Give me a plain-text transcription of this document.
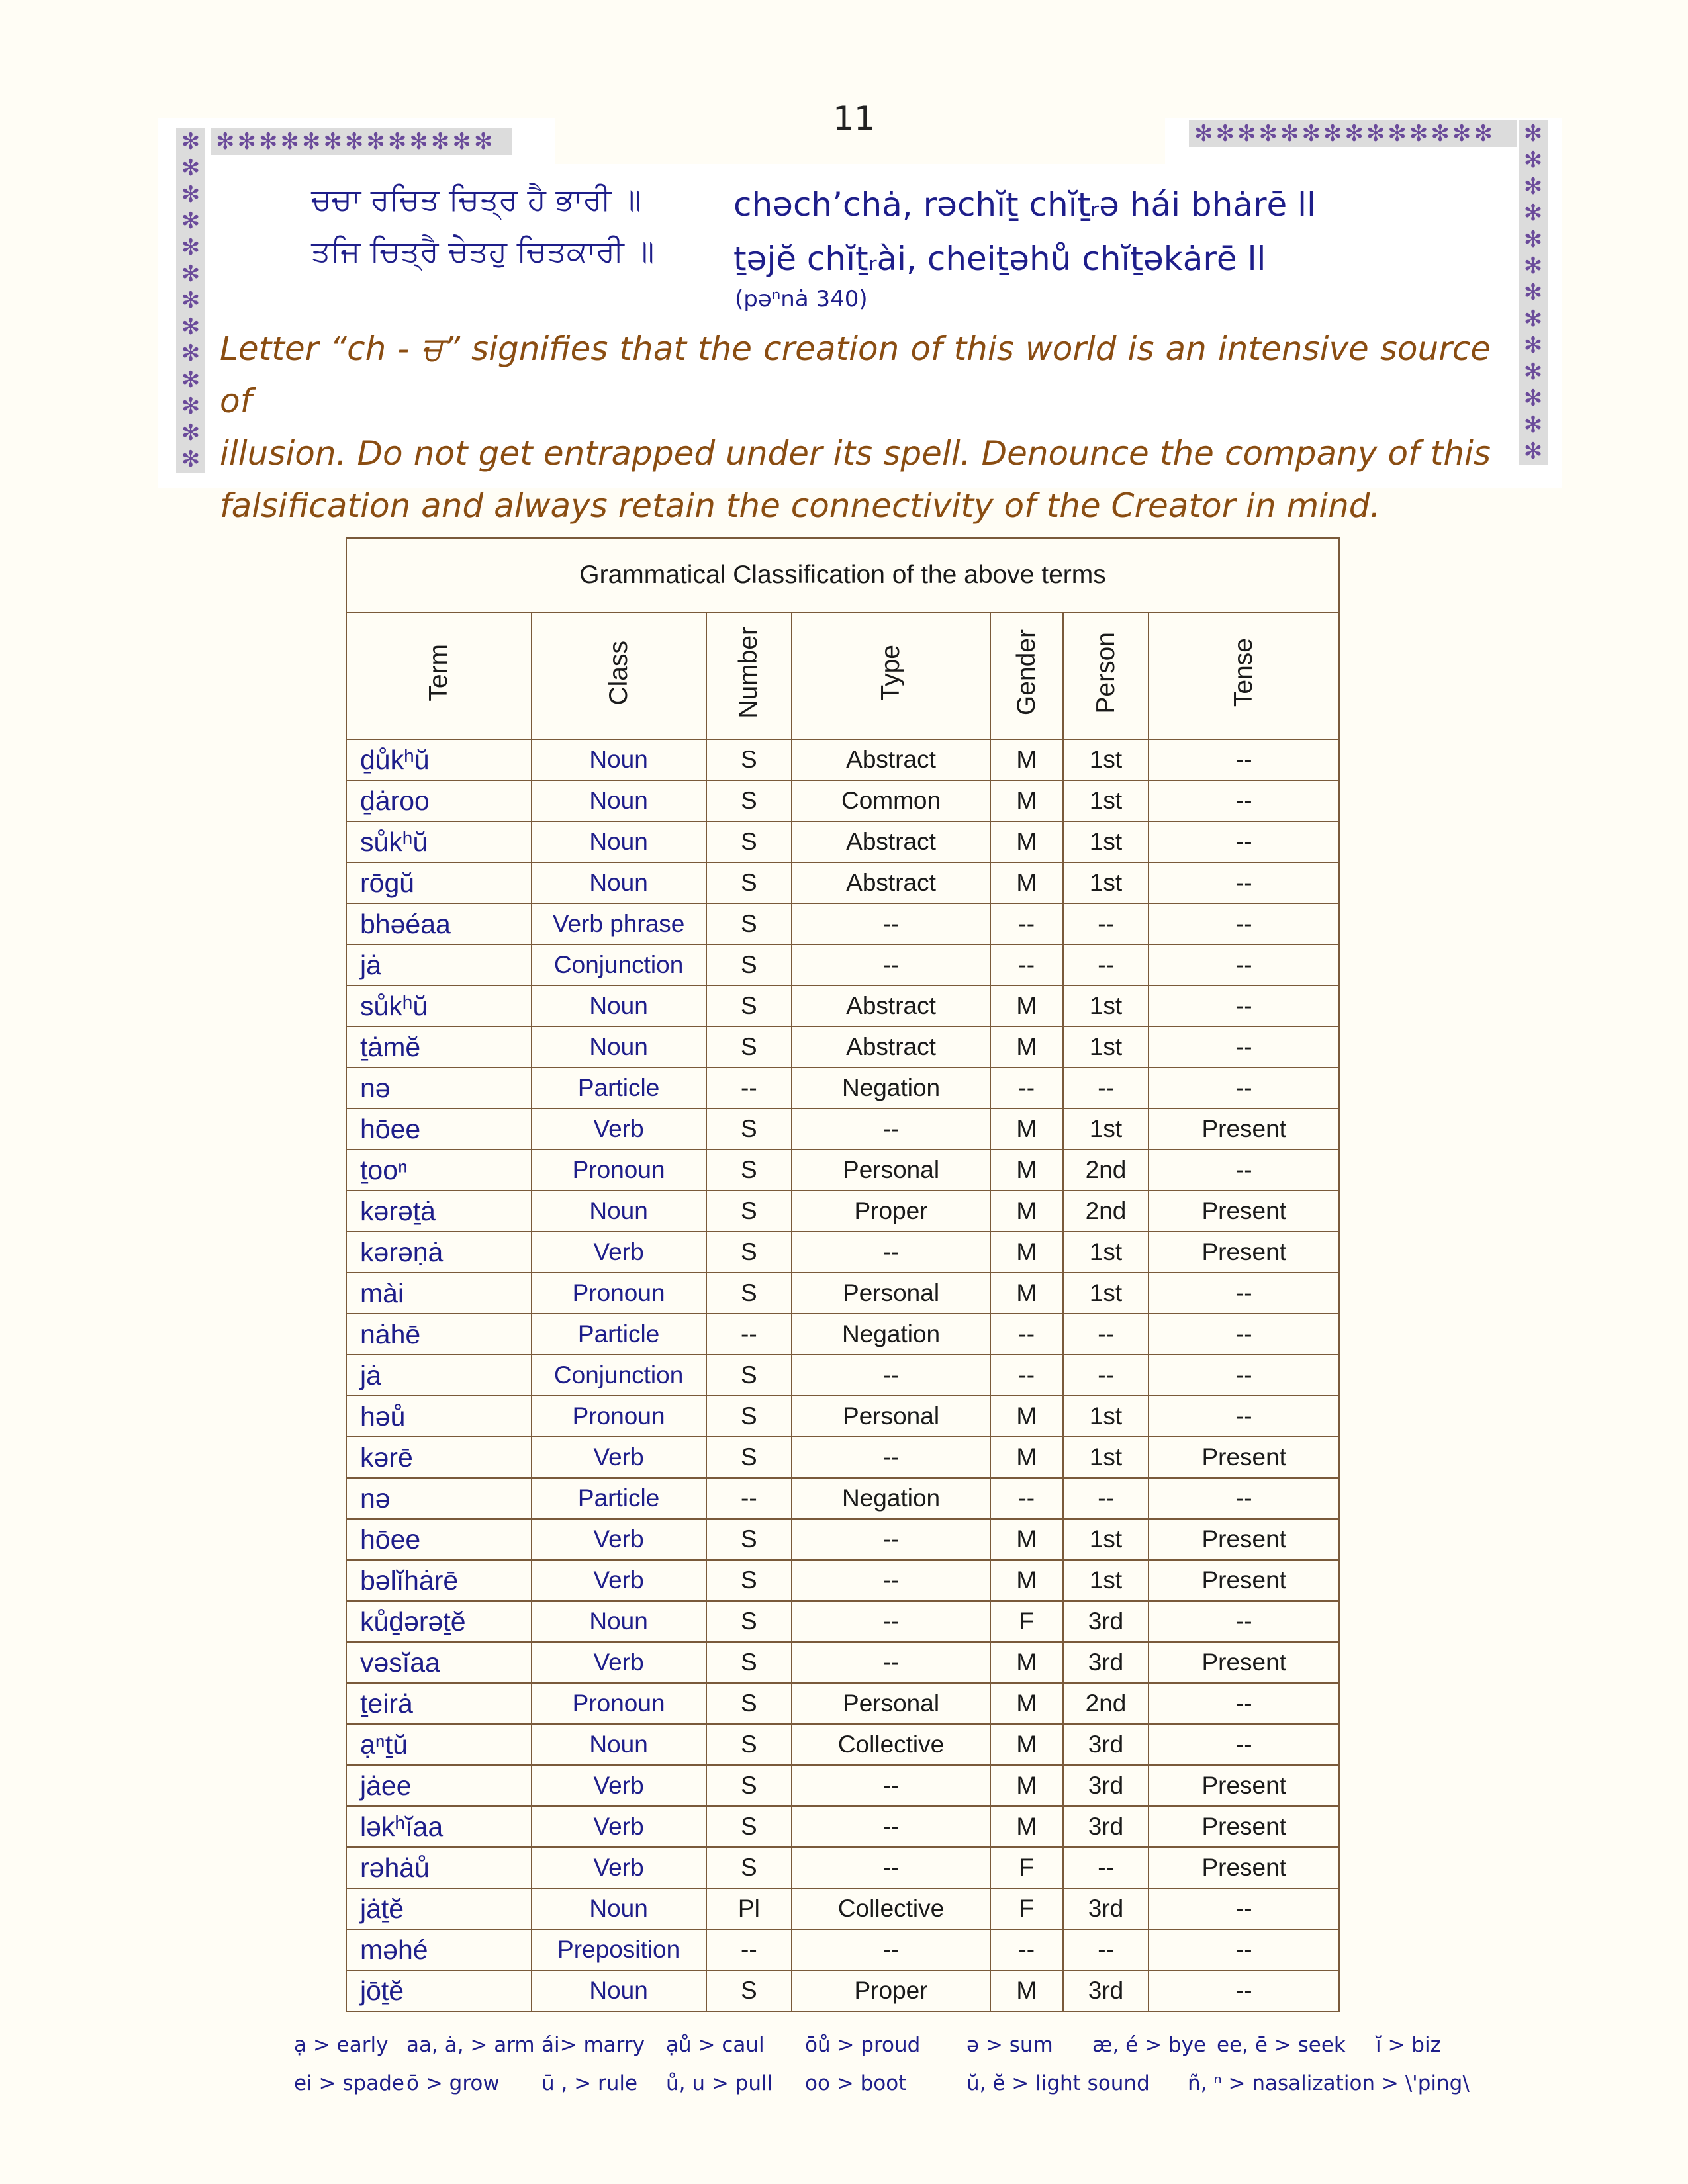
✻✻✻✻✻✻✻✻✻✻✻✻✻	✻✻✻✻✻✻✻✻✻✻✻✻✻✻
✻
✻
✻
✻
✻
✻
✻
✻
✻
✻
✻
✻
✻
✻
✻
✻
✻
✻
✻
✻
✻
✻
✻
✻
✻
✻
11
ਚਚਾ ਰਚਿਤ ਚਿਤ੍ਰ ਹੈ ਭਾਰੀ ॥
ਤਜਿ ਚਿਤ੍ਰੈ ਚੇਤਹੁ ਚਿਤਕਾਰੀ ॥
chəch’chȧ, rəchĭṯ chĭṯᵣə hái bhȧrē ll
ṯəjĕ chĭṯᵣài, cheiṯəhů chĭṯəkȧrē ll
(pəⁿnȧ 340)
Letter “ch - ਚ” signifies that the creation of this world is an intensive source of
illusion. Do not get entrapped under its spell. Denounce the company of this
falsification and always retain the connectivity of the Creator in mind.
Grammatical Classification of the above terms						
Term	Class	Number	Type	Gender	Person	Tense
ḏůkʰŭ	Noun	S	Abstract	M	1st	--
ḏȧroo	Noun	S	Common	M	1st	--
sůkʰŭ	Noun	S	Abstract	M	1st	--
rōgŭ	Noun	S	Abstract	M	1st	--
bhəéaa	Verb phrase	S	--	--	--	--
jȧ	Conjunction	S	--	--	--	--
sůkʰŭ	Noun	S	Abstract	M	1st	--
ṯȧmĕ	Noun	S	Abstract	M	1st	--
nə	Particle	--	Negation	--	--	--
hōee	Verb	S	--	M	1st	Present
ṯooⁿ	Pronoun	S	Personal	M	2nd	--
kərəṯȧ	Noun	S	Proper	M	2nd	Present
kərəṇȧ	Verb	S	--	M	1st	Present
mài	Pronoun	S	Personal	M	1st	--
nȧhē	Particle	--	Negation	--	--	--
jȧ	Conjunction	S	--	--	--	--
həů	Pronoun	S	Personal	M	1st	--
kərē	Verb	S	--	M	1st	Present
nə	Particle	--	Negation	--	--	--
hōee	Verb	S	--	M	1st	Present
bəlĭhȧrē	Verb	S	--	M	1st	Present
kůḏərəṯĕ	Noun	S	--	F	3rd	--
vəsĭaa	Verb	S	--	M	3rd	Present
ṯeirȧ	Pronoun	S	Personal	M	2nd	--
ạⁿṯŭ	Noun	S	Collective	M	3rd	--
jȧee	Verb	S	--	M	3rd	Present
ləkʰĭaa	Verb	S	--	M	3rd	Present
rəhȧů	Verb	S	--	F	--	Present
jȧṯĕ	Noun	Pl	Collective	F	3rd	--
məhé	Preposition	--	--	--	--	--
jōṯĕ	Noun	S	Proper	M	3rd	--
ạ > early aa, ȧ, > arm ái> marry ạů > caul ōů > proud ə > sum æ, é > bye ee, ē > seek ĭ > biz
ei > spade ō > grow ū , > rule ů, u > pull oo > boot	ŭ, ĕ > light sound ñ, ⁿ > nasalization > \'ping\
